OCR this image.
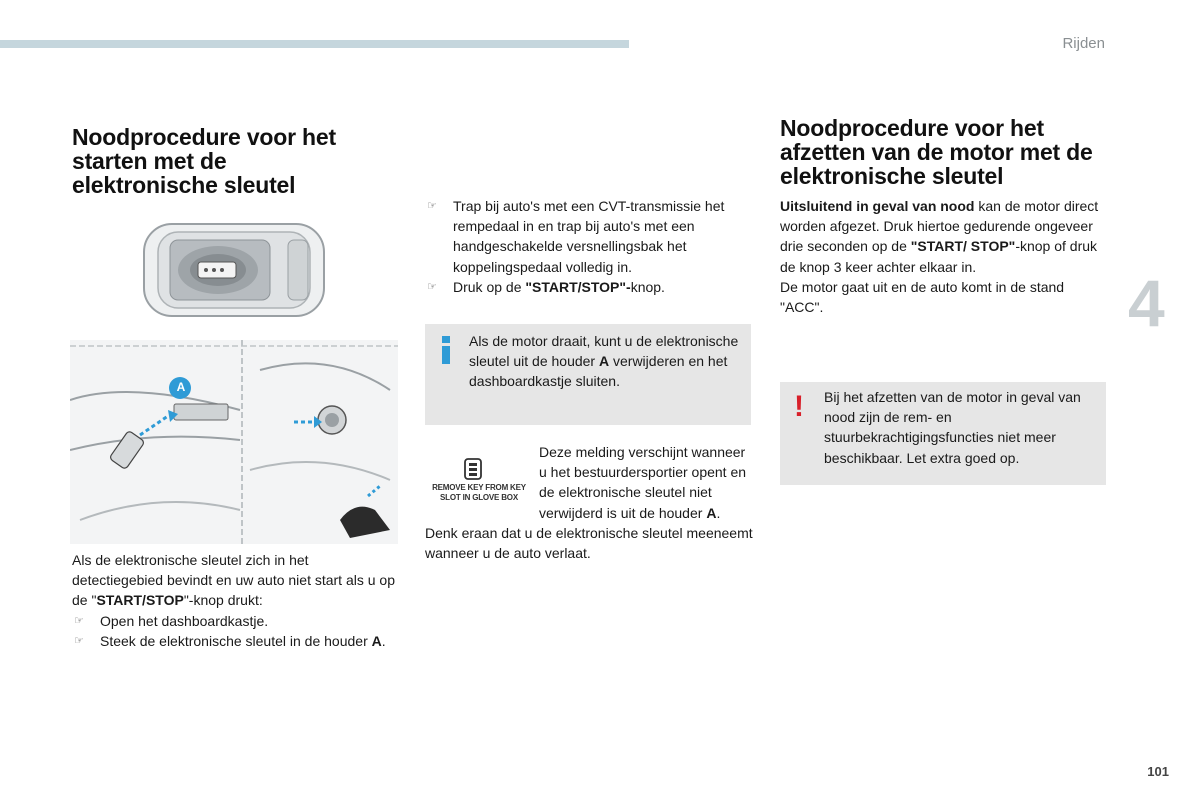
Rijden
4
Noodprocedure voor het starten met de elektronische sleutel
A
Als de elektronische sleutel zich in het detectiegebied bevindt en uw auto niet start als u op de "START/STOP"-knop drukt:
☞ Open het dashboardkastje.
☞ Steek de elektronische sleutel in de houder A.
☞ Trap bij auto's met een CVT-transmissie het rempedaal in en trap bij auto's met een handgeschakelde versnellingsbak het koppelingspedaal volledig in.
☞ Druk op de "START/STOP"-knop.
Als de motor draait, kunt u de elektronische sleutel uit de houder A verwijderen en het dashboardkastje sluiten.
REMOVE KEY FROM KEY
SLOT IN GLOVE BOX
Deze melding verschijnt wanneer u het bestuurdersportier opent en de elektronische sleutel niet verwijderd is uit de houder A. Denk eraan dat u de elektronische sleutel meeneemt wanneer u de auto verlaat.
Noodprocedure voor het afzetten van de motor met de elektronische sleutel
Uitsluitend in geval van nood kan de motor direct worden afgezet. Druk hiertoe gedurende ongeveer drie seconden op de "START/ STOP"-knop of druk de knop 3 keer achter elkaar in.
De motor gaat uit en de auto komt in de stand "ACC".
! Bij het afzetten van de motor in geval van nood zijn de rem- en stuurbekrachtigingsfuncties niet meer beschikbaar. Let extra goed op.
101
